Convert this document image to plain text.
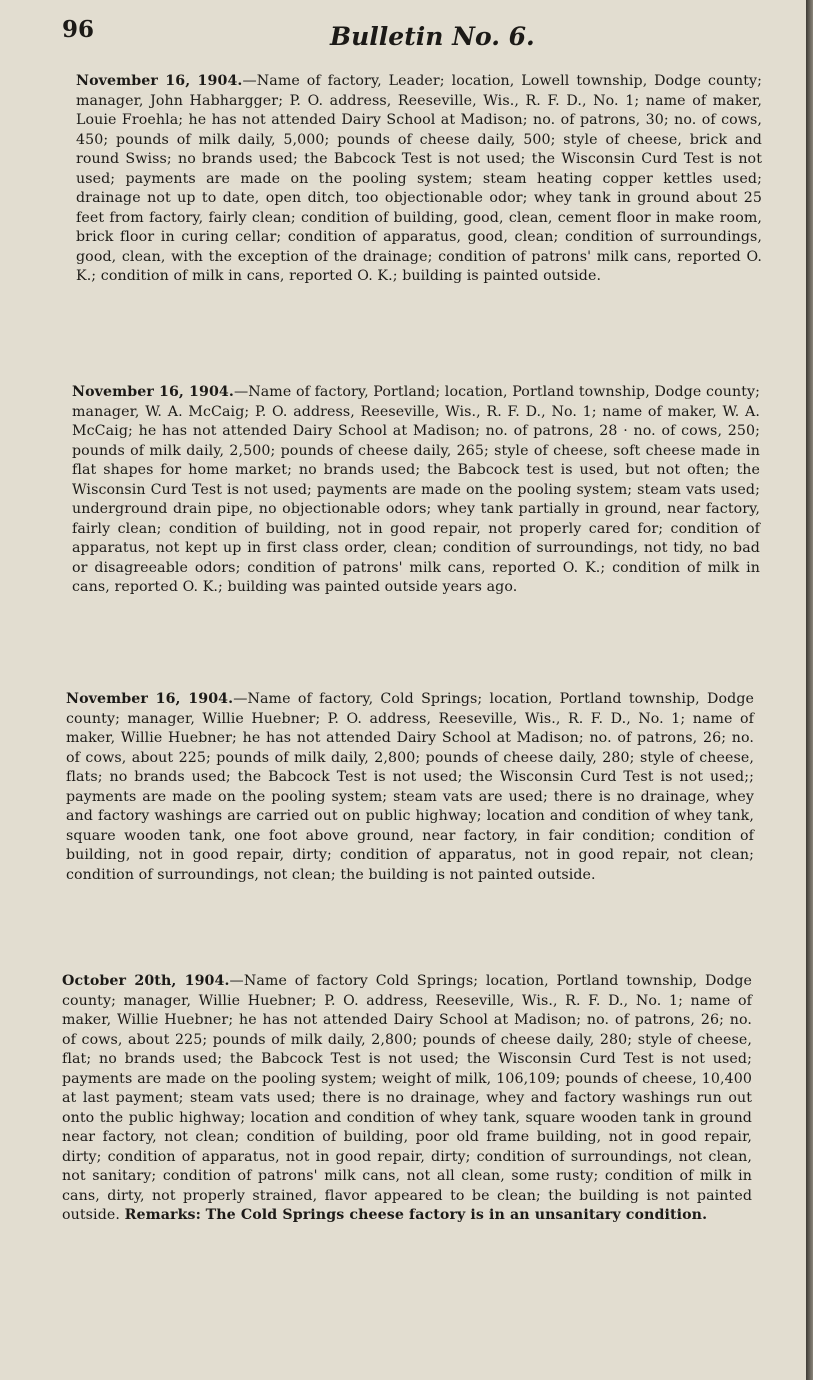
96	Bulletin No. 6.

November 16, 1904.—Name of factory, Leader; location, Lowell township, Dodge county; manager, John Habhargger; P. O. address, Reeseville, Wis., R. F. D., No. 1; name of maker, Louie Froehla; he has not attended Dairy School at Madison; no. of patrons, 30; no. of cows, 450; pounds of milk daily, 5,000; pounds of cheese daily, 500; style of cheese, brick and round Swiss; no brands used; the Babcock Test is not used; the Wisconsin Curd Test is not used; payments are made on the pooling system; steam heating copper kettles used; drainage not up to date, open ditch, too objectionable odor; whey tank in ground about 25 feet from factory, fairly clean; condition of building, good, clean, cement floor in make room, brick floor in curing cellar; condition of apparatus, good, clean; condition of surroundings, good, clean, with the exception of the drainage; condition of patrons' milk cans, reported O. K.; condition of milk in cans, reported O. K.; building is painted outside.

November 16, 1904.—Name of factory, Portland; location, Portland township, Dodge county; manager, W. A. McCaig; P. O. address, Reeseville, Wis., R. F. D., No. 1; name of maker, W. A. McCaig; he has not attended Dairy School at Madison; no. of patrons, 28 · no. of cows, 250; pounds of milk daily, 2,500; pounds of cheese daily, 265; style of cheese, soft cheese made in flat shapes for home market; no brands used; the Babcock test is used, but not often; the Wisconsin Curd Test is not used; payments are made on the pooling system; steam vats used; underground drain pipe, no objectionable odors; whey tank partially in ground, near factory, fairly clean; condition of building, not in good repair, not properly cared for; condition of apparatus, not kept up in first class order, clean; condition of surroundings, not tidy, no bad or disagreeable odors; condition of patrons' milk cans, reported O. K.; condition of milk in cans, reported O. K.; building was painted outside years ago.

November 16, 1904.—Name of factory, Cold Springs; location, Portland township, Dodge county; manager, Willie Huebner; P. O. address, Reeseville, Wis., R. F. D., No. 1; name of maker, Willie Huebner; he has not attended Dairy School at Madison; no. of patrons, 26; no. of cows, about 225; pounds of milk daily, 2,800; pounds of cheese daily, 280; style of cheese, flats; no brands used; the Babcock Test is not used; the Wisconsin Curd Test is not used;; payments are made on the pooling system; steam vats are used; there is no drainage, whey and factory washings are carried out on public highway; location and condition of whey tank, square wooden tank, one foot above ground, near factory, in fair condition; condition of building, not in good repair, dirty; condition of apparatus, not in good repair, not clean; condition of surroundings, not clean; the building is not painted outside.

October 20th, 1904.—Name of factory Cold Springs; location, Portland township, Dodge county; manager, Willie Huebner; P. O. address, Reeseville, Wis., R. F. D., No. 1; name of maker, Willie Huebner; he has not attended Dairy School at Madison; no. of patrons, 26; no. of cows, about 225; pounds of milk daily, 2,800; pounds of cheese daily, 280; style of cheese, flat; no brands used; the Babcock Test is not used; the Wisconsin Curd Test is not used; payments are made on the pooling system; weight of milk, 106,109; pounds of cheese, 10,400 at last payment; steam vats used; there is no drainage, whey and factory washings run out onto the public highway; location and condition of whey tank, square wooden tank in ground near factory, not clean; condition of building, poor old frame building, not in good repair, dirty; condition of apparatus, not in good repair, dirty; condition of surroundings, not clean, not sanitary; condition of patrons' milk cans, not all clean, some rusty; condition of milk in cans, dirty, not properly strained, flavor appeared to be clean; the building is not painted outside. Remarks: The Cold Springs cheese factory is in an unsanitary condition.
